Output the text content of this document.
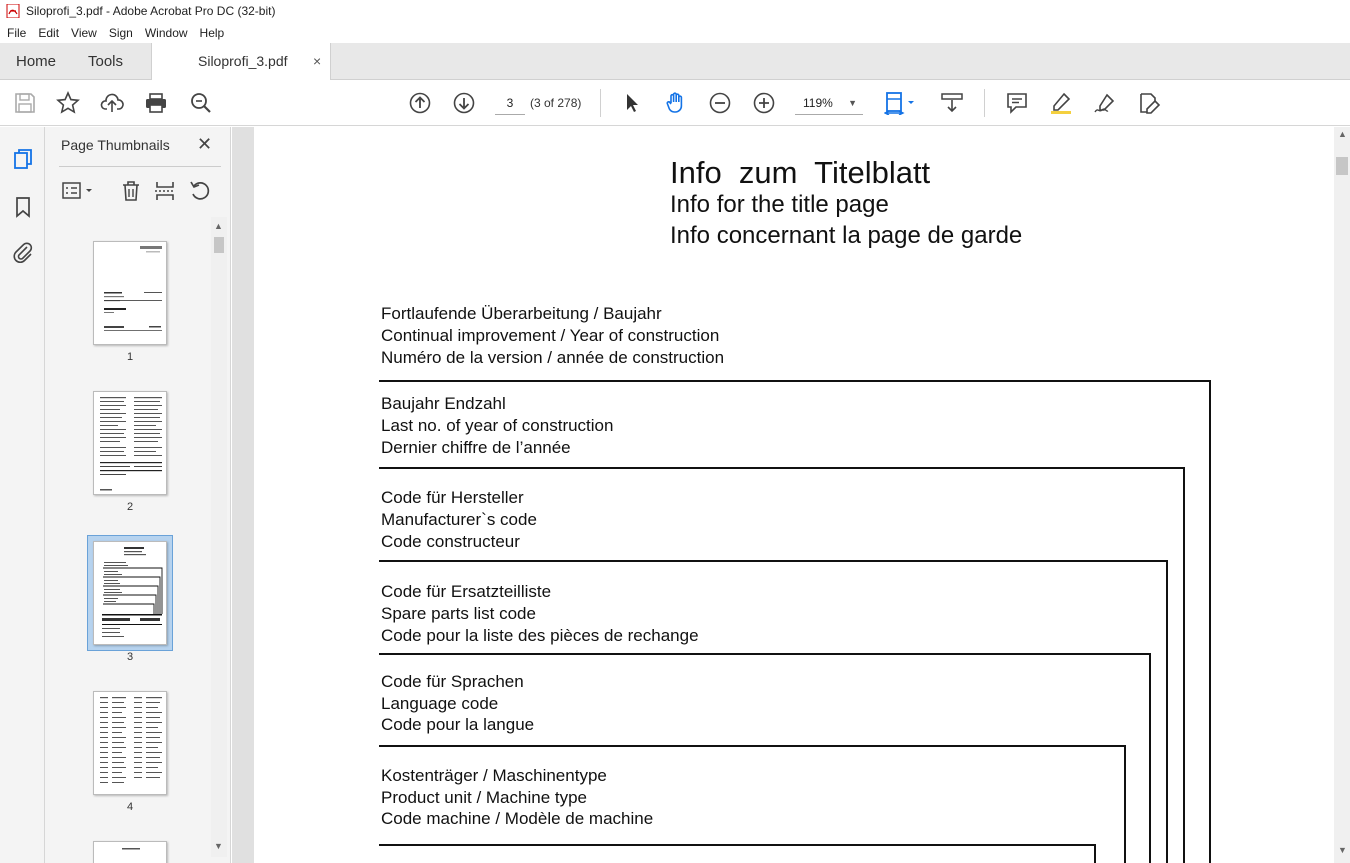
Siloprofi_3.pdf - Adobe Acrobat Pro DC (32-bit)
File	Edit	View	Sign	Window	Help
Home Tools	Siloprofi_3.pdf ×
3	(3 of 278)	119% ▼
Page Thumbnails ✕
1
2
3
4
▲
▼
Info  zum  Titelblatt
Info for the title page
Info concernant la page de garde
Fortlaufende Überarbeitung / Baujahr
Continual improvement / Year of construction
Numéro de la version / année de construction
Baujahr Endzahl
Last no. of year of construction
Dernier chiffre de l’année
Code für Hersteller
Manufacturer`s code
Code constructeur
Code für Ersatzteilliste
Spare parts list code
Code pour la liste des pièces de rechange
Code für Sprachen
Language code
Code pour la langue
Kostenträger / Maschinentype
Product unit / Machine type
Code machine / Modèle de machine
▲
▼
